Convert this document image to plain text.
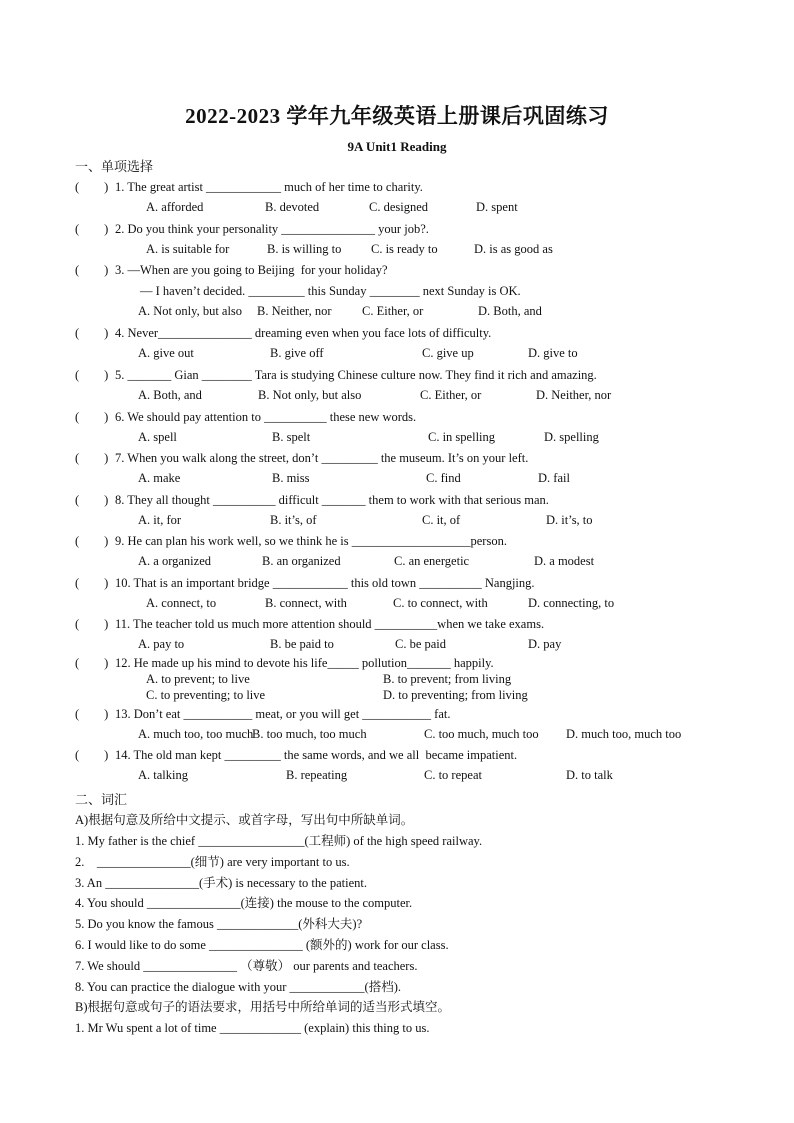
2022-2023 学年九年级英语上册课后巩固练习
9A Unit1 Reading
一、单项选择
(        ) 1. The great artist ____________ much of her time to charity.
A. afforded	B. devoted	C. designed	D. spent
(        ) 2. Do you think your personality _______________ your job?.
A. is suitable for	B. is willing to C. is ready to	D. is as good as
(        ) 3. —When are you going to Beijing  for your holiday?
— I haven’t decided. _________ this Sunday ________ next Sunday is OK.
A. Not only, but also B. Neither, nor C. Either, or	D. Both, and
(        ) 4. Never_______________ dreaming even when you face lots of difficulty.
A. give out	B. give off	C. give up	D. give to
(        ) 5. _______ Gian ________ Tara is studying Chinese culture now. They find it rich and amazing.
A. Both, and	B. Not only, but also	C. Either, or	D. Neither, nor
(        ) 6. We should pay attention to __________ these new words.
A. spell	B. spelt	C. in spelling	D. spelling
(        ) 7. When you walk along the street, don’t _________ the museum. It’s on your left.
A. make	B. miss	C. find	D. fail
(        ) 8. They all thought __________ difficult _______ them to work with that serious man.
A. it, for	B. it’s, of	C. it, of	D. it’s, to
(        ) 9. He can plan his work well, so we think he is ___________________person.
A. a organized	B. an organized	C. an energetic	D. a modest
(        ) 10. That is an important bridge ____________ this old town __________ Nangjing.
A. connect, to	B. connect, with	C. to connect, with	D. connecting, to
(        ) 11. The teacher told us much more attention should __________when we take exams.
A. pay to	B. be paid to	C. be paid	D. pay
(        ) 12. He made up his mind to devote his life_____ pollution_______ happily.
A. to prevent; to live	B. to prevent; from living
C. to preventing; to live	D. to preventing; from living
(        ) 13. Don’t eat ___________ meat, or you will get ___________ fat.
A. much too, too much
B. too much, too much	C. too much, much too D. much too, much too
(        ) 14. The old man kept _________ the same words, and we all  became impatient.
A. talking	B. repeating	C. to repeat	D. to talk
二、词汇
A)根据句意及所给中文提示、或首字母，写出句中所缺单词。
1. My father is the chief _________________(工程师) of the high speed railway.
2.    _______________(细节) are very important to us.
3. An _______________(手术) is necessary to the patient.
4. You should _______________(连接) the mouse to the computer.
5. Do you know the famous _____________(外科大夫)?
6. I would like to do some _______________ (额外的) work for our class.
7. We should _______________ （尊敬） our parents and teachers.
8. You can practice the dialogue with your ____________(搭档).
B)根据句意或句子的语法要求，用括号中所给单词的适当形式填空。
1. Mr Wu spent a lot of time _____________ (explain) this thing to us.
